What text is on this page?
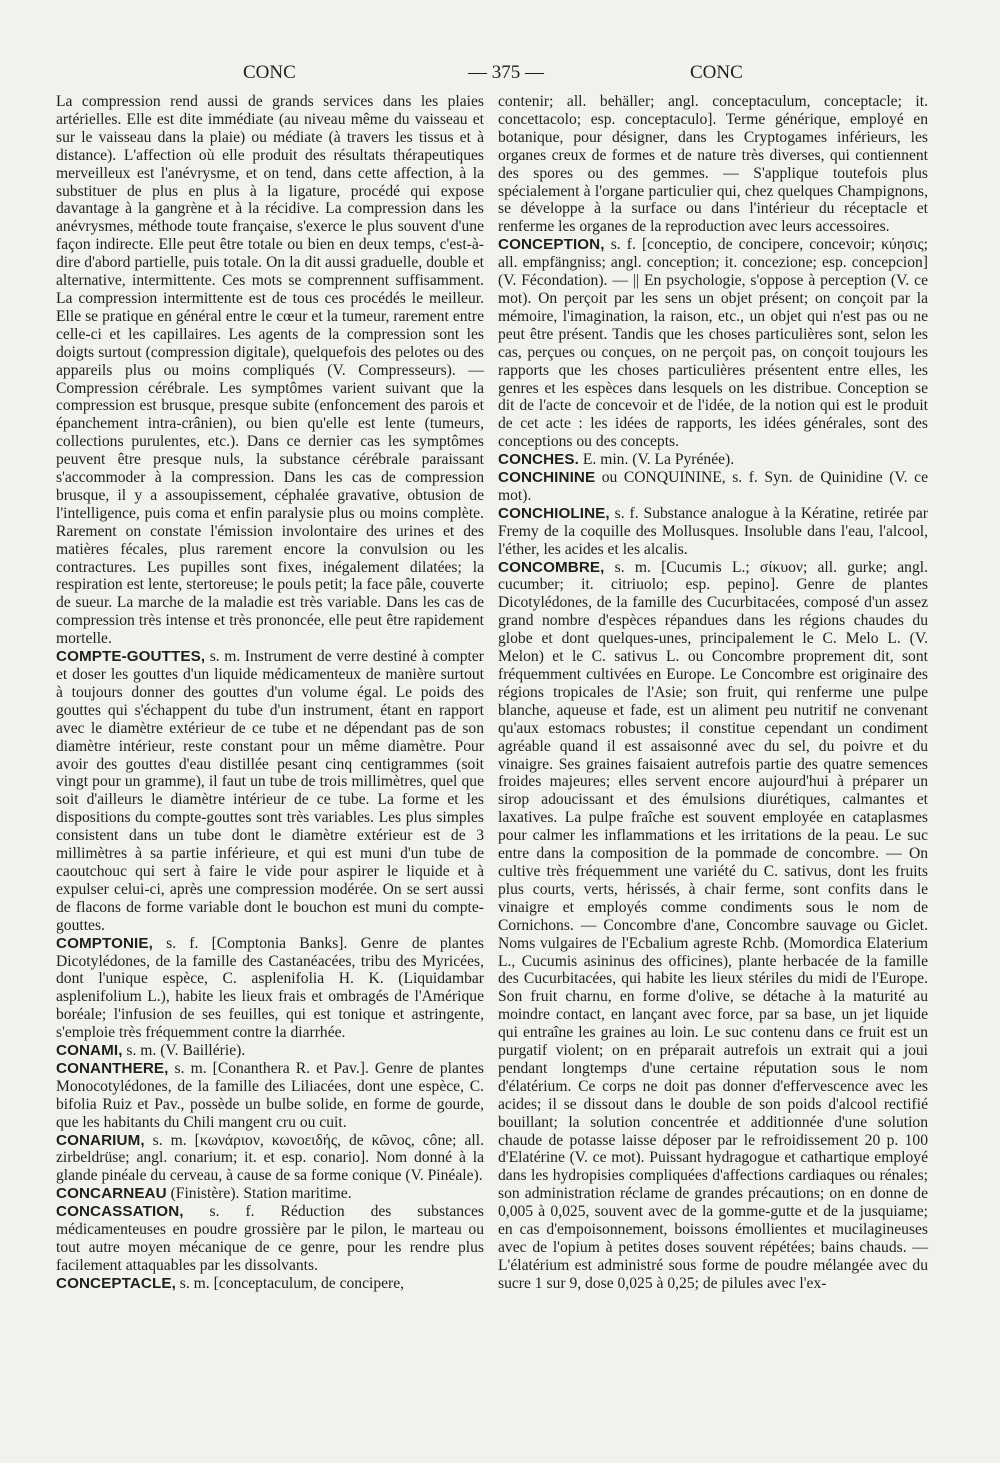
CONC	— 375 —	CONC

La compression rend aussi de grands services dans les plaies artérielles. Elle est dite immédiate (au niveau même du vaisseau et sur le vaisseau dans la plaie) ou médiate (à travers les tissus et à distance). L'affection où elle produit des résultats thérapeutiques merveilleux est l'anévrysme, et on tend, dans cette affection, à la substituer de plus en plus à la ligature, procédé qui expose davantage à la gangrène et à la récidive. La compression dans les anévrysmes, méthode toute française, s'exerce le plus souvent d'une façon indirecte. Elle peut être totale ou bien en deux temps, c'est-à-dire d'abord partielle, puis totale. On la dit aussi graduelle, double et alternative, intermittente. Ces mots se comprennent suffisamment. La compression intermittente est de tous ces procédés le meilleur. Elle se pratique en général entre le cœur et la tumeur, rarement entre celle-ci et les capillaires. Les agents de la compression sont les doigts surtout (compression digitale), quelquefois des pelotes ou des appareils plus ou moins compliqués (V. Compresseurs). — Compression cérébrale. Les symptômes varient suivant que la compression est brusque, presque subite (enfoncement des parois et épanchement intra-crânien), ou bien qu'elle est lente (tumeurs, collections purulentes, etc.). Dans ce dernier cas les symptômes peuvent être presque nuls, la substance cérébrale paraissant s'accommoder à la compression. Dans les cas de compression brusque, il y a assoupissement, céphalée gravative, obtusion de l'intelligence, puis coma et enfin paralysie plus ou moins complète. Rarement on constate l'émission involontaire des urines et des matières fécales, plus rarement encore la convulsion ou les contractures. Les pupilles sont fixes, inégalement dilatées; la respiration est lente, stertoreuse; le pouls petit; la face pâle, couverte de sueur. La marche de la maladie est très variable. Dans les cas de compression très intense et très prononcée, elle peut être rapidement mortelle.

COMPTE-GOUTTES, s. m. Instrument de verre destiné à compter et doser les gouttes d'un liquide médicamenteux de manière surtout à toujours donner des gouttes d'un volume égal. Le poids des gouttes qui s'échappent du tube d'un instrument, étant en rapport avec le diamètre extérieur de ce tube et ne dépendant pas de son diamètre intérieur, reste constant pour un même diamètre. Pour avoir des gouttes d'eau distillée pesant cinq centigrammes (soit vingt pour un gramme), il faut un tube de trois millimètres, quel que soit d'ailleurs le diamètre intérieur de ce tube. La forme et les dispositions du compte-gouttes sont très variables. Les plus simples consistent dans un tube dont le diamètre extérieur est de 3 millimètres à sa partie inférieure, et qui est muni d'un tube de caoutchouc qui sert à faire le vide pour aspirer le liquide et à expulser celui-ci, après une compression modérée. On se sert aussi de flacons de forme variable dont le bouchon est muni du compte-gouttes.

COMPTONIE, s. f. [Comptonia Banks]. Genre de plantes Dicotylédones, de la famille des Castanéacées, tribu des Myricées, dont l'unique espèce, C. asplenifolia H. K. (Liquidambar asplenifolium L.), habite les lieux frais et ombragés de l'Amérique boréale; l'infusion de ses feuilles, qui est tonique et astringente, s'emploie très fréquemment contre la diarrhée.

CONAMI, s. m. (V. Baillérie).

CONANTHERE, s. m. [Conanthera R. et Pav.]. Genre de plantes Monocotylédones, de la famille des Liliacées, dont une espèce, C. bifolia Ruiz et Pav., possède un bulbe solide, en forme de gourde, que les habitants du Chili mangent cru ou cuit.

CONARIUM, s. m. [κωνάριον, κωνοειδής, de κῶνος, cône; all. zirbeldrüse; angl. conarium; it. et esp. conario]. Nom donné à la glande pinéale du cerveau, à cause de sa forme conique (V. Pinéale).

CONCARNEAU (Finistère). Station maritime.

CONCASSATION, s. f. Réduction des substances médicamenteuses en poudre grossière par le pilon, le marteau ou tout autre moyen mécanique de ce genre, pour les rendre plus facilement attaquables par les dissolvants.

CONCEPTACLE, s. m. [conceptaculum, de concipere,

contenir; all. behäller; angl. conceptaculum, conceptacle; it. concettacolo; esp. conceptaculo]. Terme générique, employé en botanique, pour désigner, dans les Cryptogames inférieurs, les organes creux de formes et de nature très diverses, qui contiennent des spores ou des gemmes. — S'applique toutefois plus spécialement à l'organe particulier qui, chez quelques Champignons, se développe à la surface ou dans l'intérieur du réceptacle et renferme les organes de la reproduction avec leurs accessoires.

CONCEPTION, s. f. [conceptio, de concipere, concevoir; κύησις; all. empfängniss; angl. conception; it. concezione; esp. concepcion] (V. Fécondation). — || En psychologie, s'oppose à perception (V. ce mot). On perçoit par les sens un objet présent; on conçoit par la mémoire, l'imagination, la raison, etc., un objet qui n'est pas ou ne peut être présent. Tandis que les choses particulières sont, selon les cas, perçues ou conçues, on ne perçoit pas, on conçoit toujours les rapports que les choses particulières présentent entre elles, les genres et les espèces dans lesquels on les distribue. Conception se dit de l'acte de concevoir et de l'idée, de la notion qui est le produit de cet acte : les idées de rapports, les idées générales, sont des conceptions ou des concepts.

CONCHES. E. min. (V. La Pyrénée).

CONCHININE ou CONQUININE, s. f. Syn. de Quinidine (V. ce mot).

CONCHIOLINE, s. f. Substance analogue à la Kératine, retirée par Fremy de la coquille des Mollusques. Insoluble dans l'eau, l'alcool, l'éther, les acides et les alcalis.

CONCOMBRE, s. m. [Cucumis L.; σίκυον; all. gurke; angl. cucumber; it. citriuolo; esp. pepino]. Genre de plantes Dicotylédones, de la famille des Cucurbitacées, composé d'un assez grand nombre d'espèces répandues dans les régions chaudes du globe et dont quelques-unes, principalement le C. Melo L. (V. Melon) et le C. sativus L. ou Concombre proprement dit, sont fréquemment cultivées en Europe. Le Concombre est originaire des régions tropicales de l'Asie; son fruit, qui renferme une pulpe blanche, aqueuse et fade, est un aliment peu nutritif ne convenant qu'aux estomacs robustes; il constitue cependant un condiment agréable quand il est assaisonné avec du sel, du poivre et du vinaigre. Ses graines faisaient autrefois partie des quatre semences froides majeures; elles servent encore aujourd'hui à préparer un sirop adoucissant et des émulsions diurétiques, calmantes et laxatives. La pulpe fraîche est souvent employée en cataplasmes pour calmer les inflammations et les irritations de la peau. Le suc entre dans la composition de la pommade de concombre. — On cultive très fréquemment une variété du C. sativus, dont les fruits plus courts, verts, hérissés, à chair ferme, sont confits dans le vinaigre et employés comme condiments sous le nom de Cornichons. — Concombre d'ane, Concombre sauvage ou Giclet. Noms vulgaires de l'Ecbalium agreste Rchb. (Momordica Elaterium L., Cucumis asininus des officines), plante herbacée de la famille des Cucurbitacées, qui habite les lieux stériles du midi de l'Europe. Son fruit charnu, en forme d'olive, se détache à la maturité au moindre contact, en lançant avec force, par sa base, un jet liquide qui entraîne les graines au loin. Le suc contenu dans ce fruit est un purgatif violent; on en préparait autrefois un extrait qui a joui pendant longtemps d'une certaine réputation sous le nom d'élatérium. Ce corps ne doit pas donner d'effervescence avec les acides; il se dissout dans le double de son poids d'alcool rectifié bouillant; la solution concentrée et additionnée d'une solution chaude de potasse laisse déposer par le refroidissement 20 p. 100 d'Elatérine (V. ce mot). Puissant hydragogue et cathartique employé dans les hydropisies compliquées d'affections cardiaques ou rénales; son administration réclame de grandes précautions; on en donne de 0,005 à 0,025, souvent avec de la gomme-gutte et de la jusquiame; en cas d'empoisonnement, boissons émollientes et mucilagineuses avec de l'opium à petites doses souvent répétées; bains chauds. — L'élatérium est administré sous forme de poudre mélangée avec du sucre 1 sur 9, dose 0,025 à 0,25; de pilules avec l'ex-
